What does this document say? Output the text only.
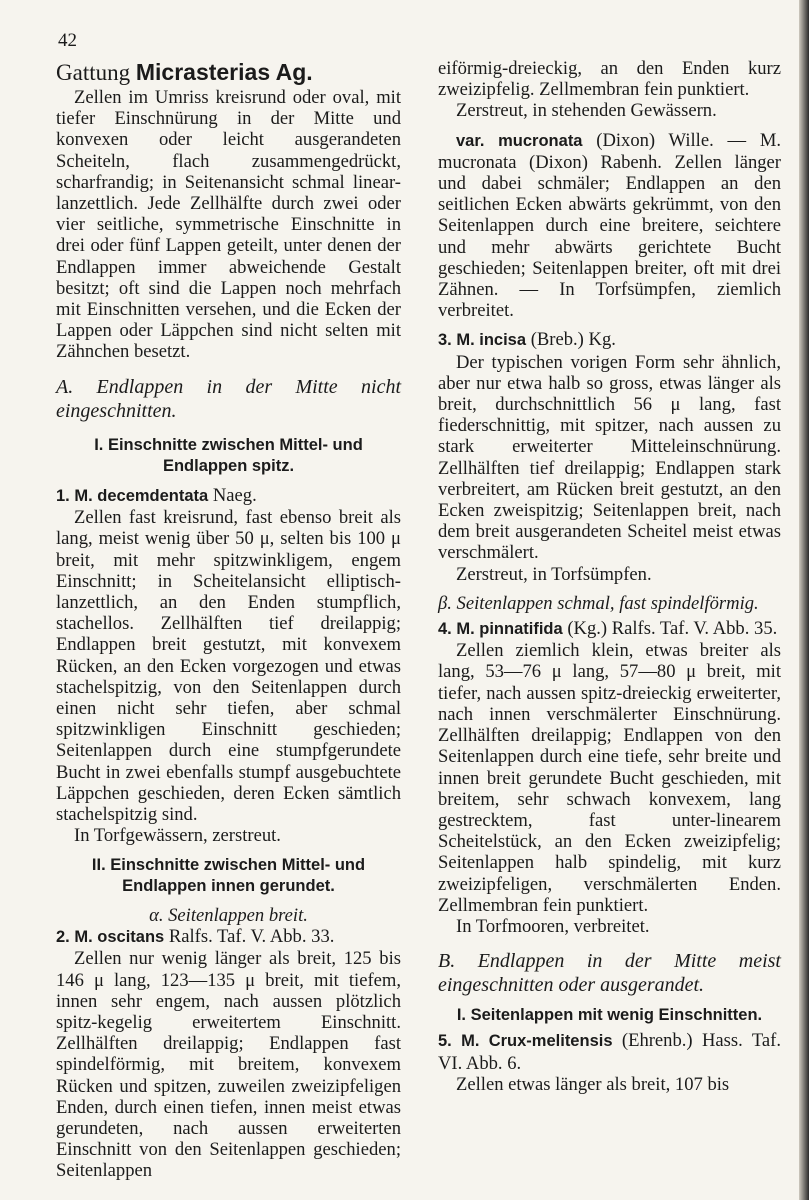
42

Gattung Micrasterias Ag.

Zellen im Umriss kreisrund oder oval, mit tiefer Einschnürung in der Mitte und konvexen oder leicht ausgerandeten Scheiteln, flach zusammengedrückt, scharfrandig; in Seitenansicht schmal linear-lanzettlich. Jede Zellhälfte durch zwei oder vier seitliche, symmetrische Einschnitte in drei oder fünf Lappen geteilt, unter denen der Endlappen immer abweichende Gestalt besitzt; oft sind die Lappen noch mehrfach mit Einschnitten versehen, und die Ecken der Lappen oder Läppchen sind nicht selten mit Zähnchen besetzt.

A. Endlappen in der Mitte nicht eingeschnitten.

I. Einschnitte zwischen Mittel- und Endlappen spitz.

1. M. decemdentata Naeg.

Zellen fast kreisrund, fast ebenso breit als lang, meist wenig über 50 μ, selten bis 100 μ breit, mit mehr spitzwinkligem, engem Einschnitt; in Scheitelansicht elliptisch-lanzettlich, an den Enden stumpflich, stachellos. Zellhälften tief dreilappig; Endlappen breit gestutzt, mit konvexem Rücken, an den Ecken vorgezogen und etwas stachelspitzig, von den Seitenlappen durch einen nicht sehr tiefen, aber schmal spitzwinkligen Einschnitt geschieden; Seitenlappen durch eine stumpfgerundete Bucht in zwei ebenfalls stumpf ausgebuchtete Läppchen geschieden, deren Ecken sämtlich stachelspitzig sind.

In Torfgewässern, zerstreut.

II. Einschnitte zwischen Mittel- und Endlappen innen gerundet.

α. Seitenlappen breit.

2. M. oscitans Ralfs. Taf. V. Abb. 33.

Zellen nur wenig länger als breit, 125 bis 146 μ lang, 123—135 μ breit, mit tiefem, innen sehr engem, nach aussen plötzlich spitz-kegelig erweitertem Einschnitt. Zellhälften dreilappig; Endlappen fast spindelförmig, mit breitem, konvexem Rücken und spitzen, zuweilen zweizipfeligen Enden, durch einen tiefen, innen meist etwas gerundeten, nach aussen erweiterten Einschnitt von den Seitenlappen geschieden; Seitenlappen

eiförmig-dreieckig, an den Enden kurz zweizipfelig. Zellmembran fein punktiert.

Zerstreut, in stehenden Gewässern.

var. mucronata (Dixon) Wille. — M. mucronata (Dixon) Rabenh. Zellen länger und dabei schmäler; Endlappen an den seitlichen Ecken abwärts gekrümmt, von den Seitenlappen durch eine breitere, seichtere und mehr abwärts gerichtete Bucht geschieden; Seitenlappen breiter, oft mit drei Zähnen. — In Torfsümpfen, ziemlich verbreitet.

3. M. incisa (Breb.) Kg.

Der typischen vorigen Form sehr ähnlich, aber nur etwa halb so gross, etwas länger als breit, durchschnittlich 56 μ lang, fast fiederschnittig, mit spitzer, nach aussen zu stark erweiterter Mitteleinschnürung. Zellhälften tief dreilappig; Endlappen stark verbreitert, am Rücken breit gestutzt, an den Ecken zweispitzig; Seitenlappen breit, nach dem breit ausgerandeten Scheitel meist etwas verschmälert.

Zerstreut, in Torfsümpfen.

β. Seitenlappen schmal, fast spindelförmig.

4. M. pinnatifida (Kg.) Ralfs. Taf. V. Abb. 35.

Zellen ziemlich klein, etwas breiter als lang, 53—76 μ lang, 57—80 μ breit, mit tiefer, nach aussen spitz-dreieckig erweiterter, nach innen verschmälerter Einschnürung. Zellhälften dreilappig; Endlappen von den Seitenlappen durch eine tiefe, sehr breite und innen breit gerundete Bucht geschieden, mit breitem, sehr schwach konvexem, lang gestrecktem, fast unter-linearem Scheitelstück, an den Ecken zweizipfelig; Seitenlappen halb spindelig, mit kurz zweizipfeligen, verschmälerten Enden. Zellmembran fein punktiert.

In Torfmooren, verbreitet.

B. Endlappen in der Mitte meist eingeschnitten oder ausgerandet.

I. Seitenlappen mit wenig Einschnitten.

5. M. Crux-melitensis (Ehrenb.) Hass. Taf. VI. Abb. 6.

Zellen etwas länger als breit, 107 bis
